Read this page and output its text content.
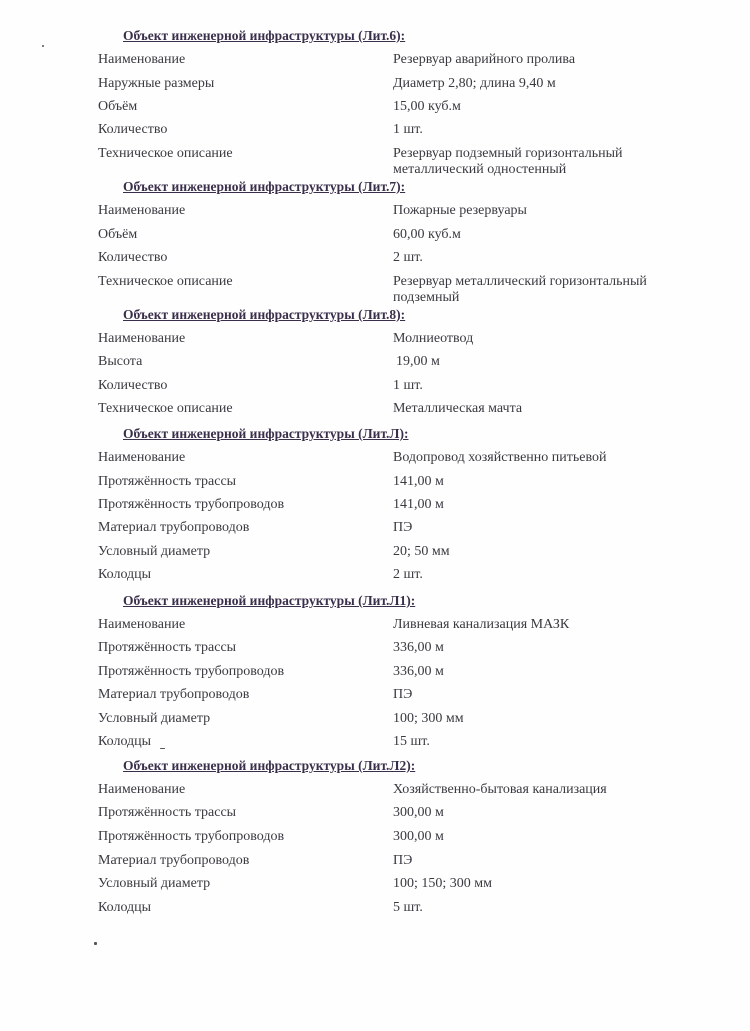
Объект инженерной инфраструктуры (Лит.6):
Наименование	Резервуар аварийного пролива
Наружные размеры	Диаметр 2,80; длина 9,40 м
Объём	15,00 куб.м
Количество	1 шт.
Техническое описание	Резервуар подземный горизонтальный металлический одностенный
Объект инженерной инфраструктуры (Лит.7):
Наименование	Пожарные резервуары
Объём	60,00 куб.м
Количество	2 шт.
Техническое описание	Резервуар металлический горизонтальный подземный
Объект инженерной инфраструктуры (Лит.8):
Наименование	Молниеотвод
Высота	19,00 м
Количество	1 шт.
Техническое описание	Металлическая мачта
Объект инженерной инфраструктуры (Лит.Л):
Наименование	Водопровод хозяйственно питьевой
Протяжённость трассы	141,00 м
Протяжённость трубопроводов	141,00 м
Материал трубопроводов	ПЭ
Условный диаметр	20; 50 мм
Колодцы	2 шт.
Объект инженерной инфраструктуры (Лит.Л1):
Наименование	Ливневая канализация МАЗК
Протяжённость трассы	336,00 м
Протяжённость трубопроводов	336,00 м
Материал трубопроводов	ПЭ
Условный диаметр	100; 300 мм
Колодцы	15 шт.
Объект инженерной инфраструктуры (Лит.Л2):
Наименование	Хозяйственно-бытовая канализация
Протяжённость трассы	300,00 м
Протяжённость трубопроводов	300,00 м
Материал трубопроводов	ПЭ
Условный диаметр	100; 150; 300 мм
Колодцы	5 шт.
